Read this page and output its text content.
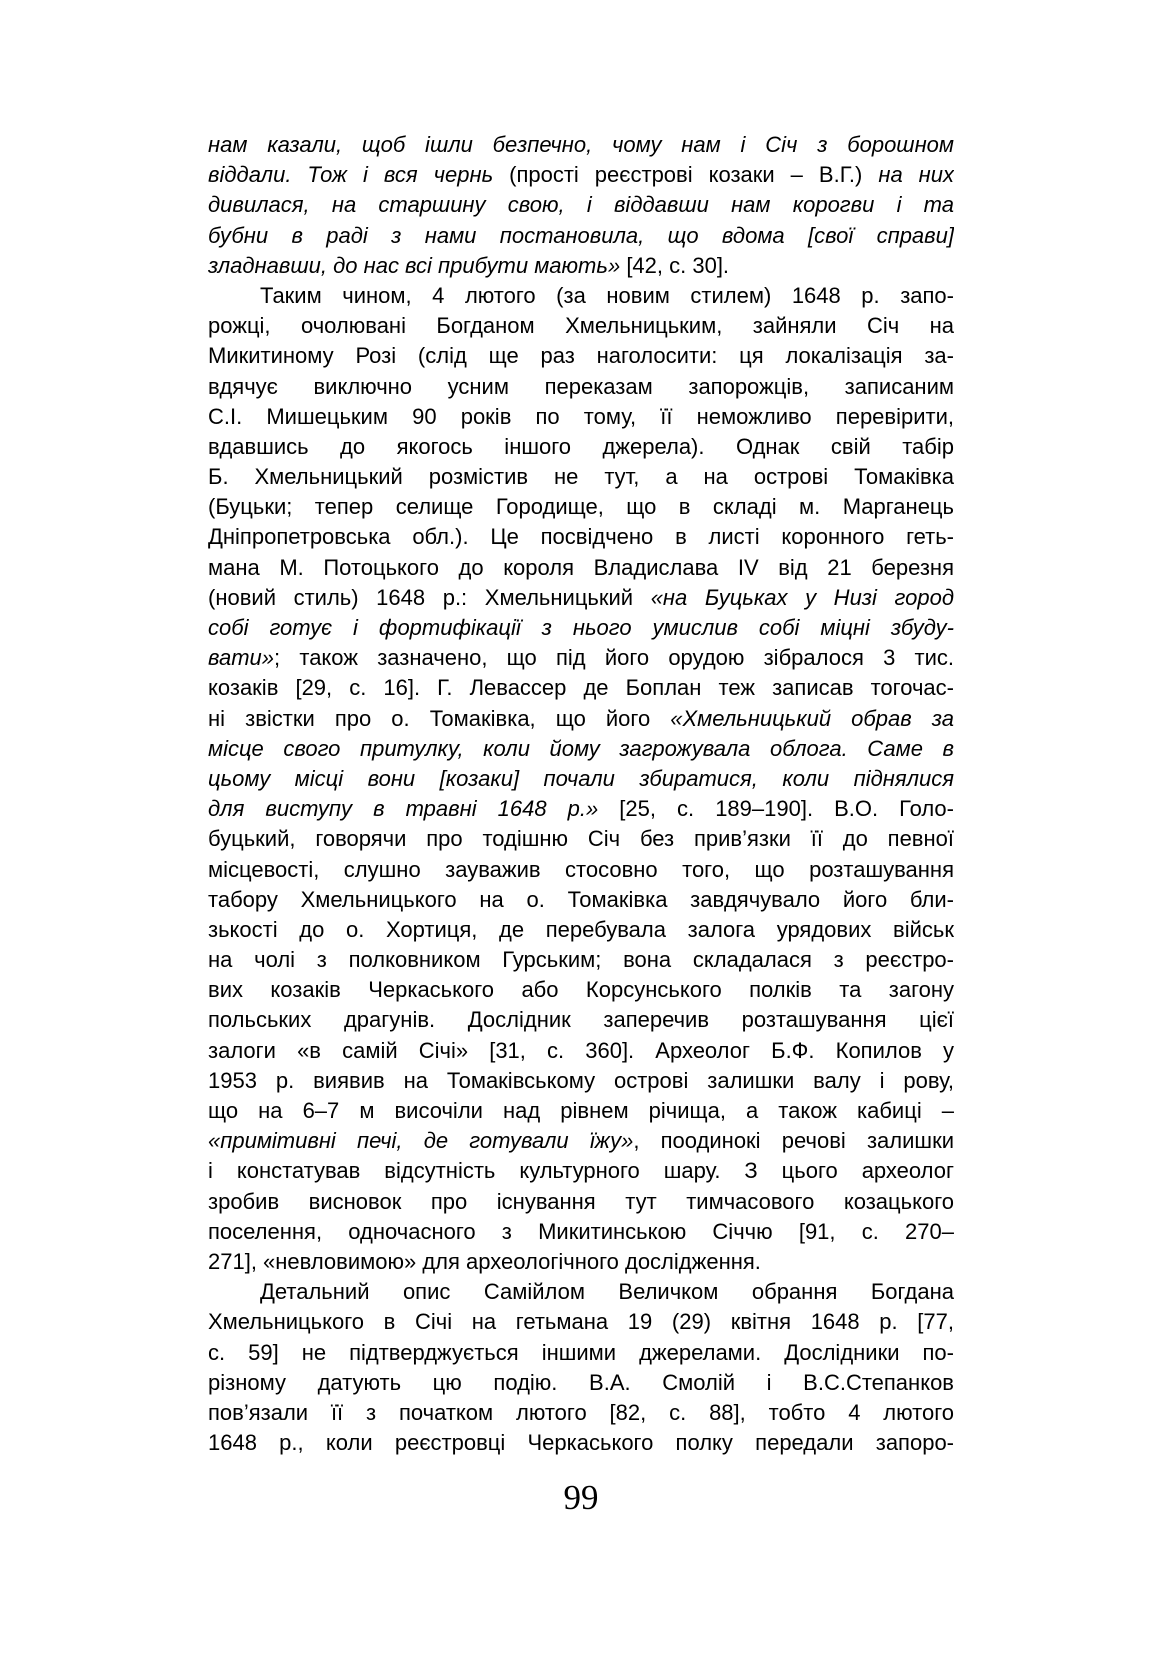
нам казали, щоб ішли безпечно, чому нам і Січ з борошном
віддали. Тож і вся чернь (прості реєстрові козаки – В.Г.) на них
дивилася, на старшину свою, і віддавши нам корогви і та
бубни в раді з нами постановила, що вдома [свої справи]
зладнавши, до нас всі прибути мають» [42, с. 30].
Таким чином, 4 лютого (за новим стилем) 1648 р. запо-
рожці, очолювані Богданом Хмельницьким, зайняли Січ на
Микитиному Розі (слід ще раз наголосити: ця локалізація за-
вдячує виключно усним переказам запорожців, записаним
С.І. Мишецьким 90 років по тому, її неможливо перевірити,
вдавшись до якогось іншого джерела). Однак свій табір
Б. Хмельницький розмістив не тут, а на острові Томаківка
(Буцьки; тепер селище Городище, що в складі м. Марганець
Дніпропетровська обл.). Це посвідчено в листі коронного геть-
мана М. Потоцького до короля Владислава IV від 21 березня
(новий стиль) 1648 р.: Хмельницький «на Буцьках у Низі город
собі готує і фортифікації з нього умислив собі міцні збуду-
вати»; також зазначено, що під його орудою зібралося 3 тис.
козаків [29, с. 16]. Г. Левассер де Боплан теж записав тогочас-
ні звістки про о. Томаківка, що його «Хмельницький обрав за
місце свого притулку, коли йому загрожувала облога. Саме в
цьому місці вони [козаки] почали збиратися, коли піднялися
для виступу в травні 1648 р.» [25, с. 189–190]. В.О. Голо-
буцький, говорячи про тодішню Січ без прив’язки її до певної
місцевості, слушно зауважив стосовно того, що розташування
табору Хмельницького на о. Томаківка завдячувало його бли-
зькості до о. Хортиця, де перебувала залога урядових військ
на чолі з полковником Гурським; вона складалася з реєстро-
вих козаків Черкаського або Корсунського полків та загону
польських драгунів. Дослідник заперечив розташування цієї
залоги «в самій Січі» [31, с. 360]. Археолог Б.Ф. Копилов у
1953 р. виявив на Томаківському острові залишки валу і рову,
що на 6–7 м височіли над рівнем річища, а також кабиці –
«примітивні печі, де готували їжу», поодинокі речові залишки
і констатував відсутність культурного шару. З цього археолог
зробив висновок про існування тут тимчасового козацького
поселення, одночасного з Микитинською Січчю [91, с. 270–
271], «невловимою» для археологічного дослідження.
Детальний опис Самійлом Величком обрання Богдана
Хмельницького в Січі на гетьмана 19 (29) квітня 1648 р. [77,
с. 59] не підтверджується іншими джерелами. Дослідники по-
різному датують цю подію. В.А. Смолій і В.С.Степанков
пов’язали її з початком лютого [82, с. 88], тобто 4 лютого
1648 р., коли реєстровці Черкаського полку передали запоро-
99
